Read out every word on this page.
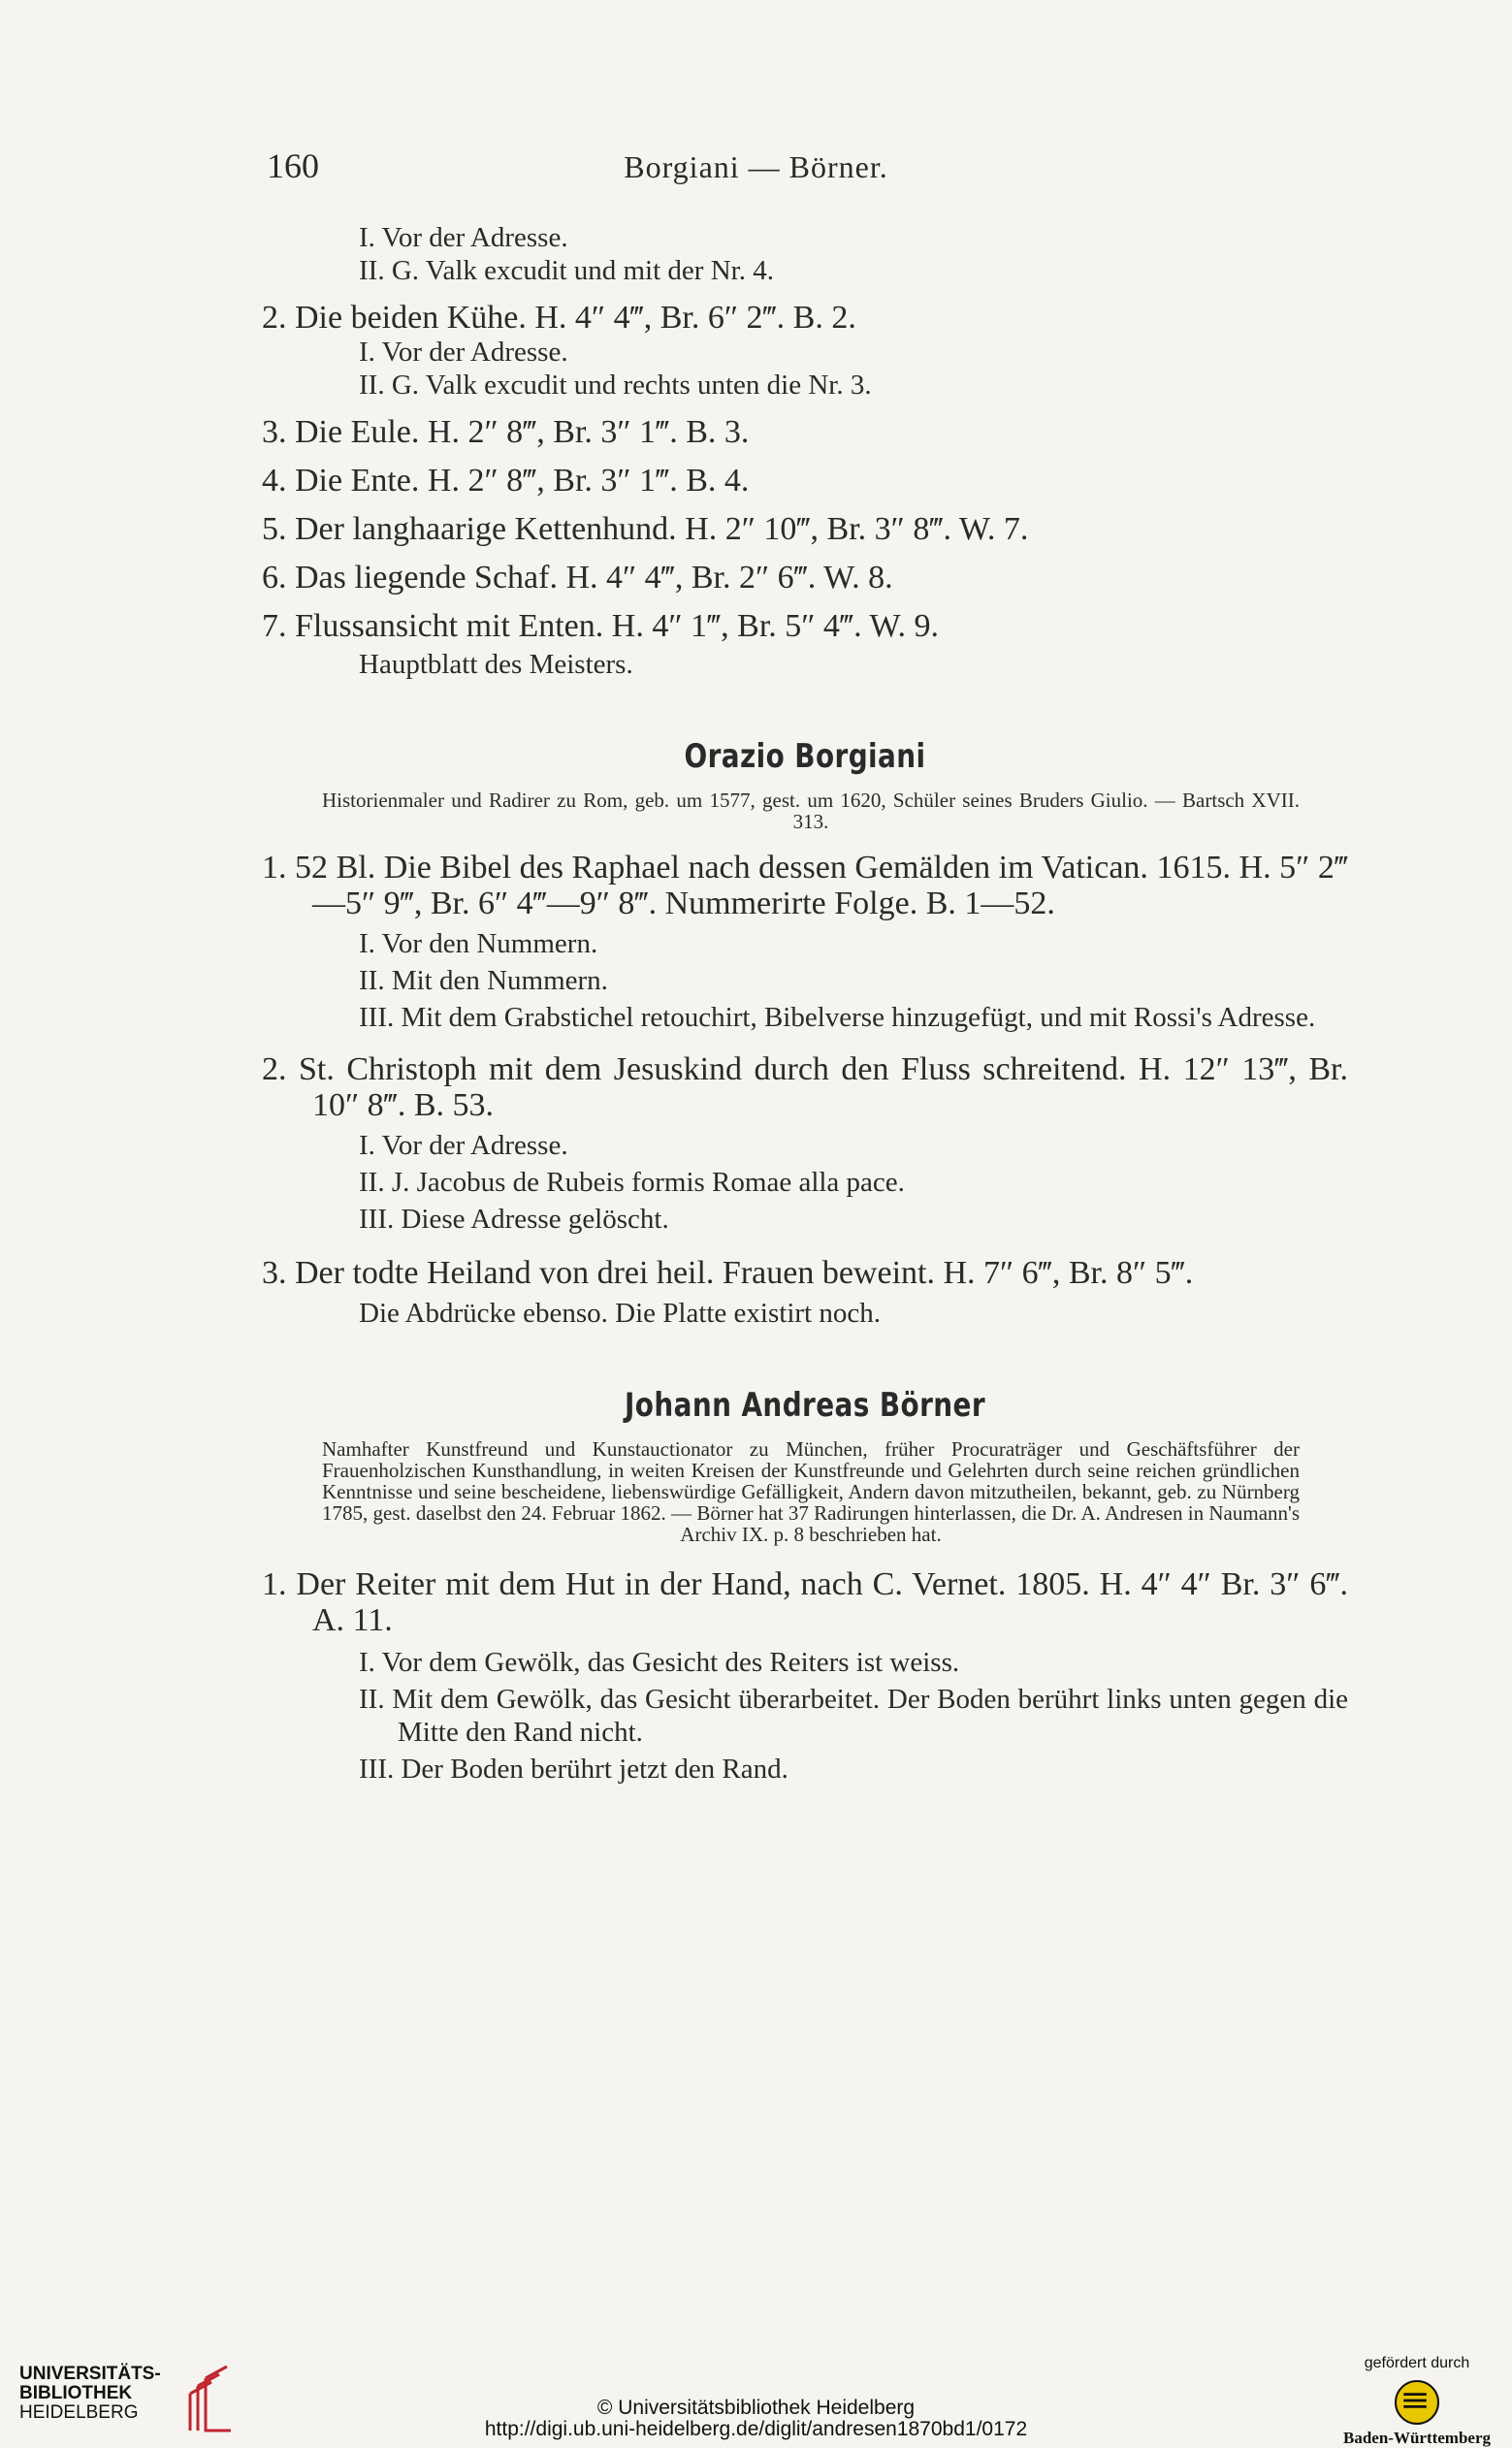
160	Borgiani — Börner.
I. Vor der Adresse.
II. G. Valk excudit und mit der Nr. 4.
2. Die beiden Kühe. H. 4″ 4‴, Br. 6″ 2‴. B. 2.
I. Vor der Adresse.
II. G. Valk excudit und rechts unten die Nr. 3.
3. Die Eule. H. 2″ 8‴, Br. 3″ 1‴. B. 3.
4. Die Ente. H. 2″ 8‴, Br. 3″ 1‴. B. 4.
5. Der langhaarige Kettenhund. H. 2″ 10‴, Br. 3″ 8‴. W. 7.
6. Das liegende Schaf. H. 4″ 4‴, Br. 2″ 6‴. W. 8.
7. Flussansicht mit Enten. H. 4″ 1‴, Br. 5″ 4‴. W. 9.
Hauptblatt des Meisters.
Orazio Borgiani
Historienmaler und Radirer zu Rom, geb. um 1577, gest. um 1620, Schüler seines Bruders Giulio. — Bartsch XVII. 313.
1. 52 Bl. Die Bibel des Raphael nach dessen Gemälden im Vatican. 1615. H. 5″ 2‴—5″ 9‴, Br. 6″ 4‴—9″ 8‴. Nummerirte Folge. B. 1—52.
I. Vor den Nummern.
II. Mit den Nummern.
III. Mit dem Grabstichel retouchirt, Bibelverse hinzugefügt, und mit Rossi's Adresse.
2. St. Christoph mit dem Jesuskind durch den Fluss schreitend. H. 12″ 13‴, Br. 10″ 8‴. B. 53.
I. Vor der Adresse.
II. J. Jacobus de Rubeis formis Romae alla pace.
III. Diese Adresse gelöscht.
3. Der todte Heiland von drei heil. Frauen beweint. H. 7″ 6‴, Br. 8″ 5‴.
Die Abdrücke ebenso. Die Platte existirt noch.
Johann Andreas Börner
Namhafter Kunstfreund und Kunstauctionator zu München, früher Procuraträger und Geschäftsführer der Frauenholzischen Kunsthandlung, in weiten Kreisen der Kunstfreunde und Gelehrten durch seine reichen gründlichen Kenntnisse und seine bescheidene, liebenswürdige Gefälligkeit, Andern davon mitzutheilen, bekannt, geb. zu Nürnberg 1785, gest. daselbst den 24. Februar 1862. — Börner hat 37 Radirungen hinterlassen, die Dr. A. Andresen in Naumann's Archiv IX. p. 8 beschrieben hat.
1. Der Reiter mit dem Hut in der Hand, nach C. Vernet. 1805. H. 4″ 4″ Br. 3″ 6‴. A. 11.
I. Vor dem Gewölk, das Gesicht des Reiters ist weiss.
II. Mit dem Gewölk, das Gesicht überarbeitet. Der Boden berührt links unten gegen die Mitte den Rand nicht.
III. Der Boden berührt jetzt den Rand.
UNIVERSITÄTS-
BIBLIOTHEK
HEIDELBERG	© Universitätsbibliothek Heidelberg
http://digi.ub.uni-heidelberg.de/diglit/andresen1870bd1/0172
gefördert durch
Baden-Württemberg
